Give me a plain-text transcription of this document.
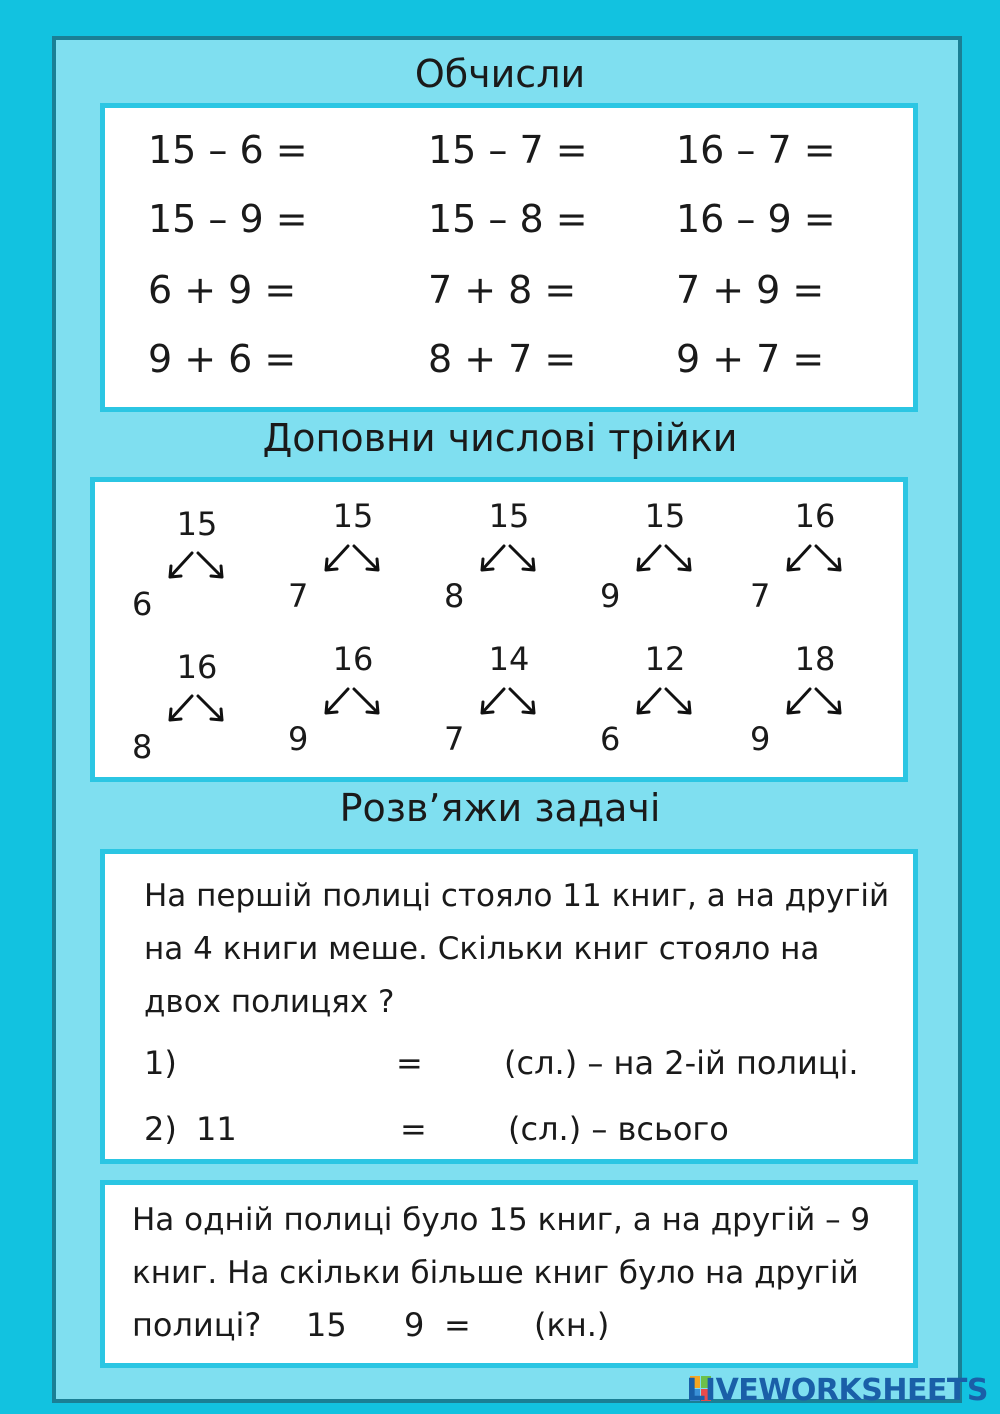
Обчисли
15 – 6 =	15 – 7 = 16 – 7 =
15 – 9 =	15 – 8 = 16 – 9 =
6 + 9 =	7 + 8 =	7 + 9 =
9 + 6 =	8 + 7 =	9 + 7 =
Доповни числові трійки
15
6
15
7
15
8
15
9
16
7
16
8
16
9
14
7
12
6
18
9
Розв’яжи задачі
На першій полиці стояло 11 книг, а на другій
на 4 книги меше. Скільки книг стояло на
двох полицях ?
1)	=	(сл.) – на 2-ій полиці.
2) 11	=	(сл.) – всього
На одній полиці було 15 книг, а на другій – 9
книг. На скільки більше книг було на другій
полиці? 15 9 = (кн.)
LIVEWORKSHEETS
